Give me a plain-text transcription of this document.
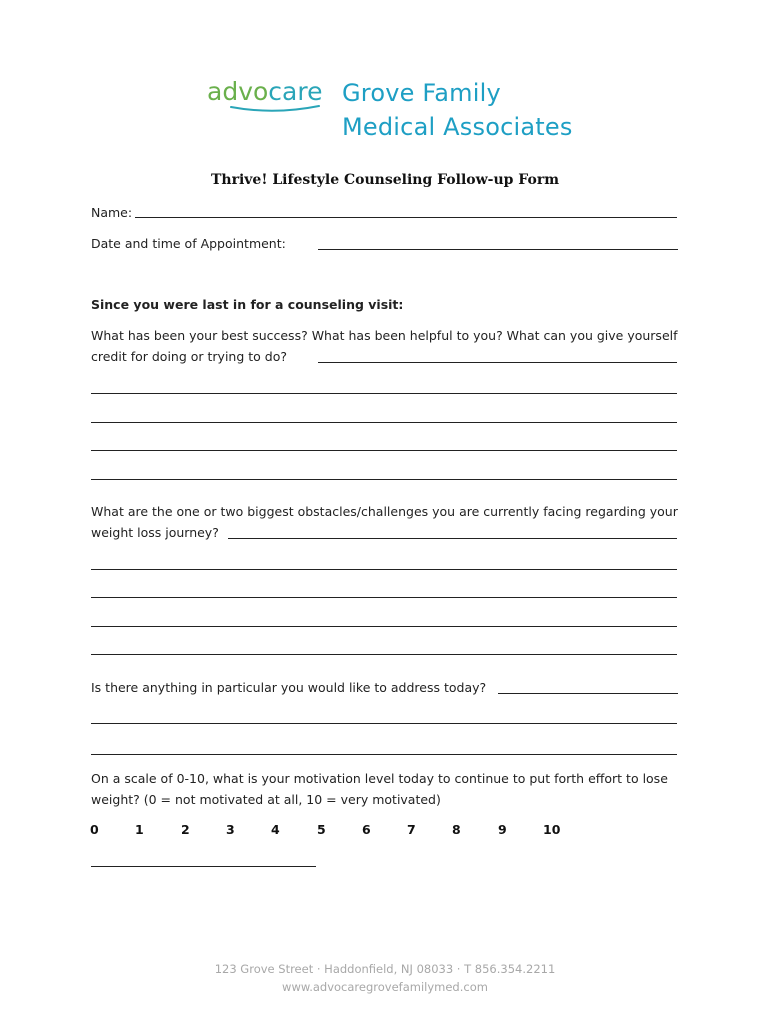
advocare Grove Family
Medical Associates
Thrive! Lifestyle Counseling Follow-up Form
Name:
Date and time of Appointment:
Since you were last in for a counseling visit:
What has been your best success? What has been helpful to you? What can you give yourself
credit for doing or trying to do?
What are the one or two biggest obstacles/challenges you are currently facing regarding your
weight loss journey?
Is there anything in particular you would like to address today?
On a scale of 0-10, what is your motivation level today to continue to put forth effort to lose
weight? (0 = not motivated at all, 10 = very motivated)
0	1	2	3	4	5	6	7	8	9	10
123 Grove Street · Haddonfield, NJ 08033 · T 856.354.2211
www.advocaregrovefamilymed.com
